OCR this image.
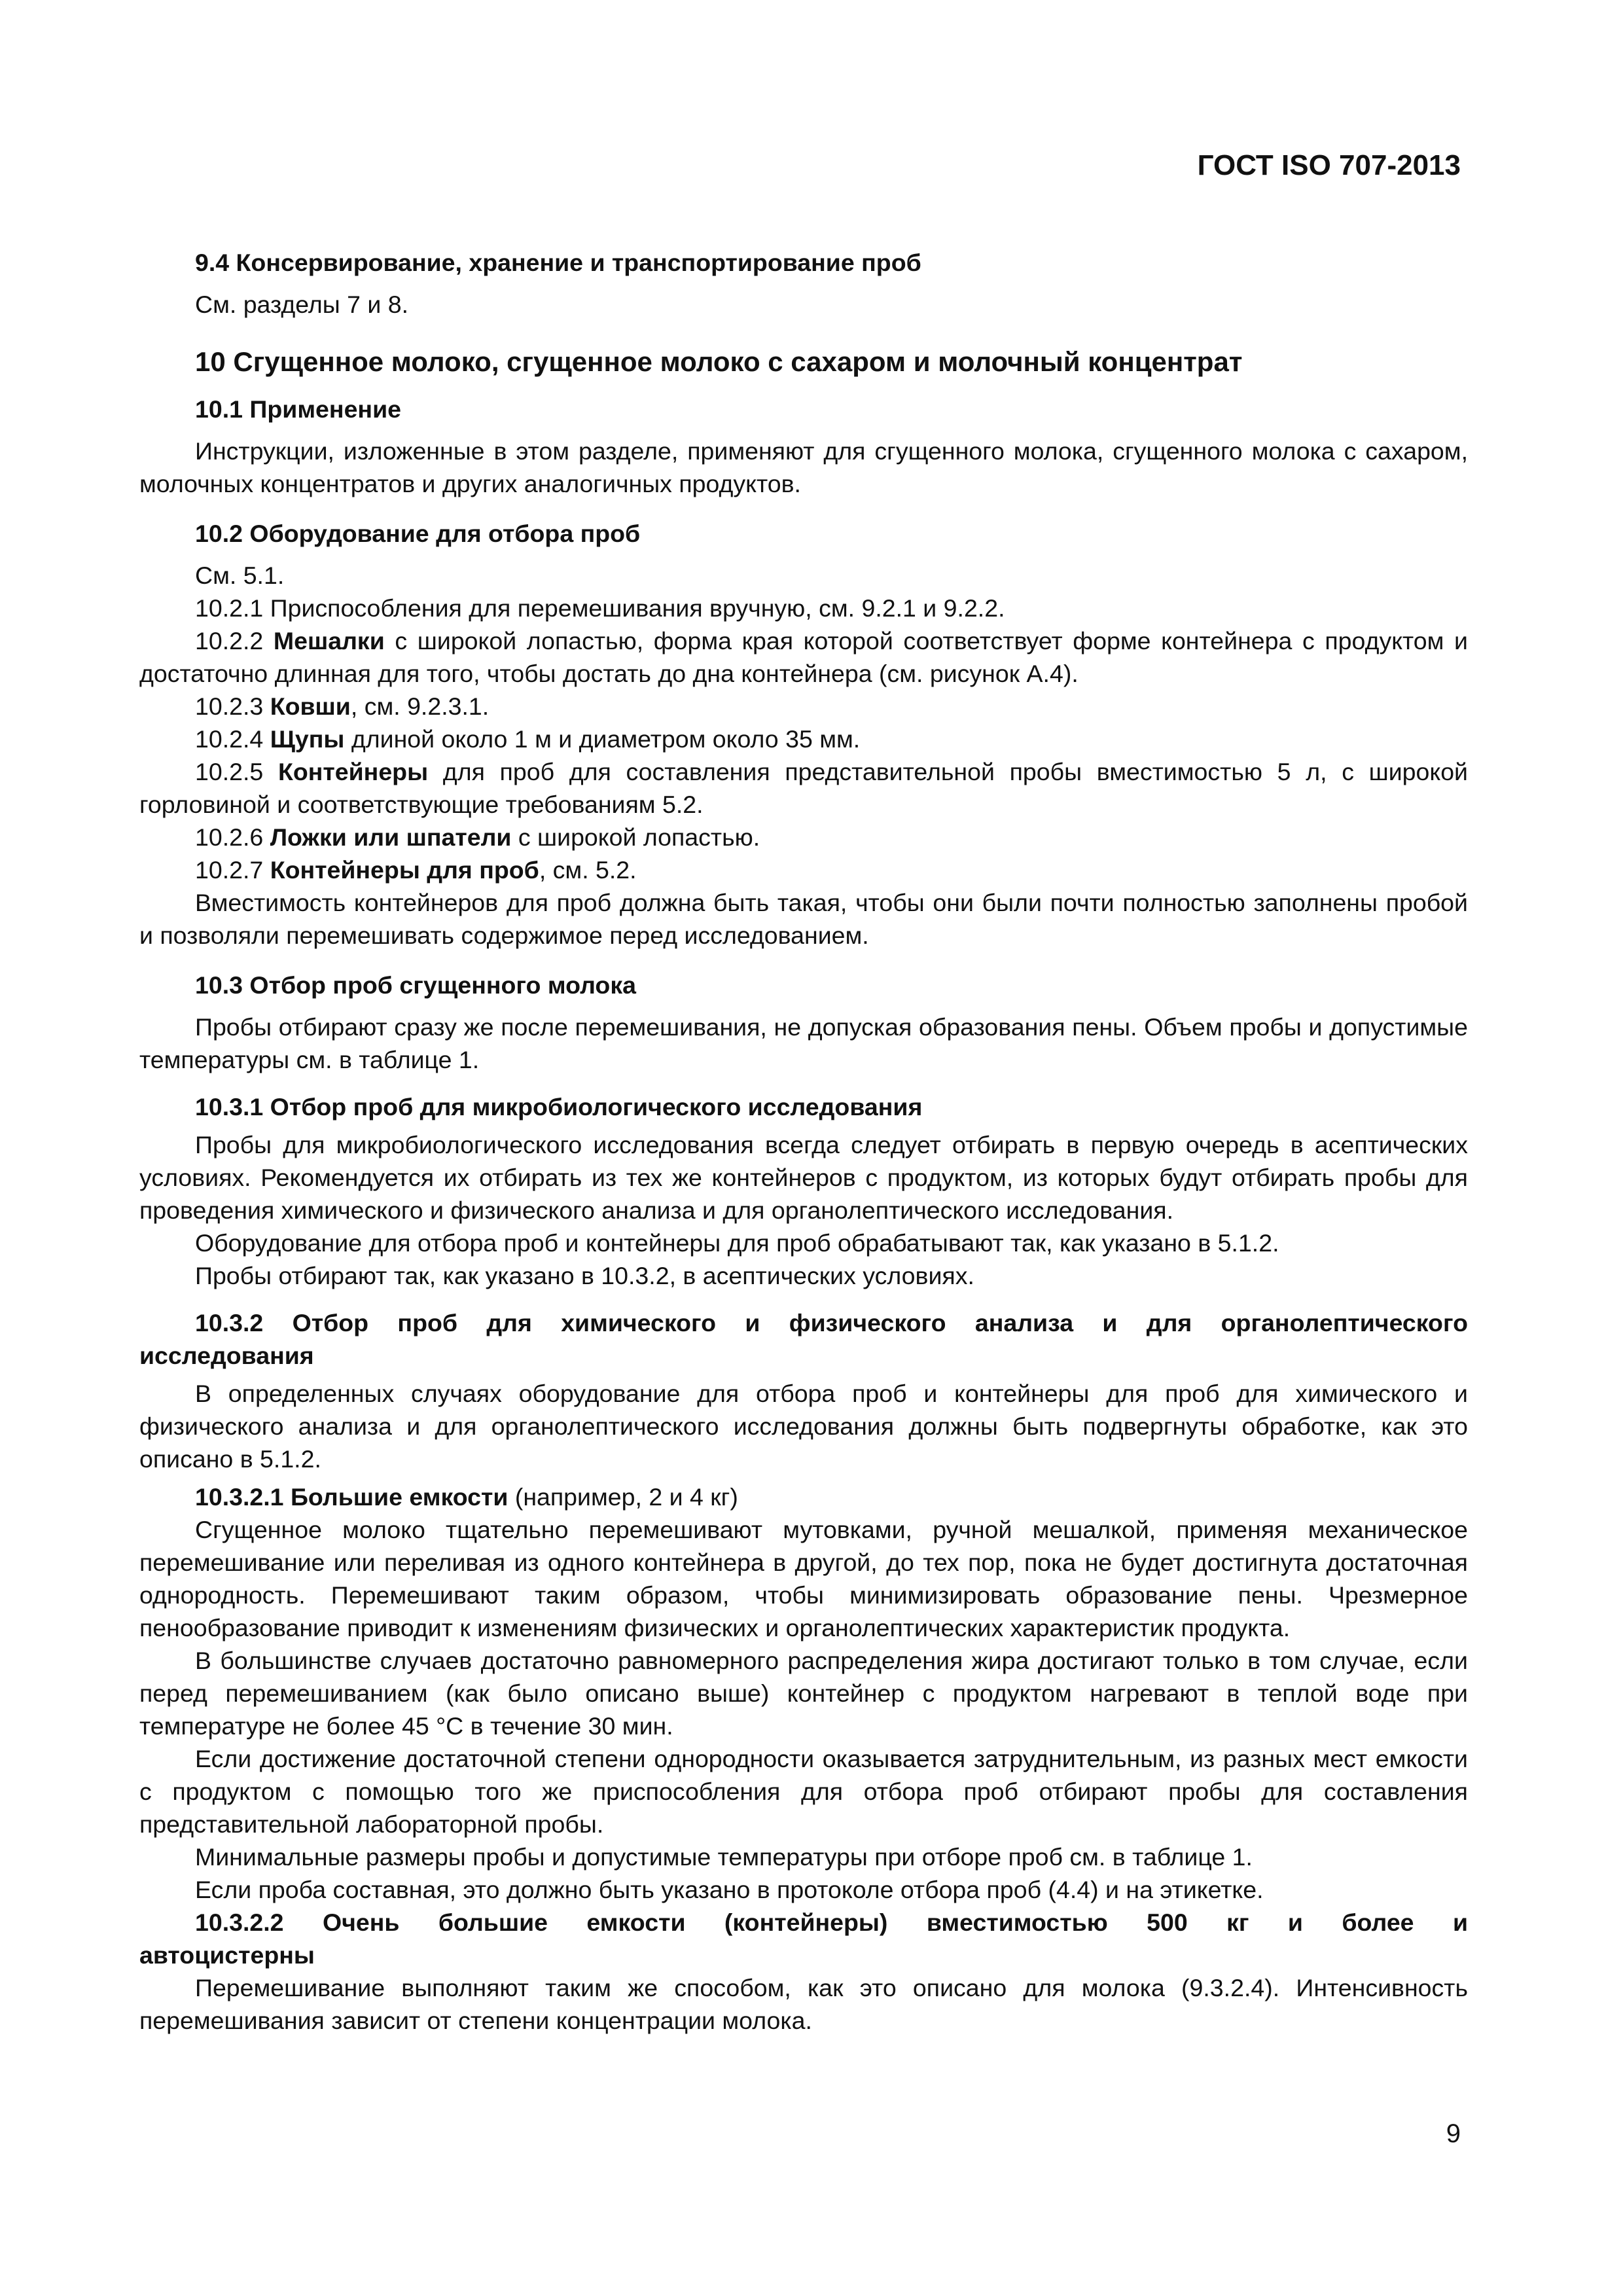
ГОСТ ISO 707-2013

9.4 Консервирование, хранение и транспортирование проб

См. разделы 7 и 8.

10 Сгущенное молоко, сгущенное молоко с сахаром и молочный концентрат

10.1 Применение

Инструкции, изложенные в этом разделе, применяют для сгущенного молока, сгущенного молока с сахаром, молочных концентратов и других аналогичных продуктов.

10.2 Оборудование для отбора проб

См. 5.1.

10.2.1 Приспособления для перемешивания вручную, см. 9.2.1 и 9.2.2.

10.2.2 Мешалки с широкой лопастью, форма края которой соответствует форме контейнера с продуктом и достаточно длинная для того, чтобы достать до дна контейнера (см. рисунок А.4).

10.2.3 Ковши, см. 9.2.3.1.

10.2.4 Щупы длиной около 1 м и диаметром около 35 мм.

10.2.5 Контейнеры для проб для составления представительной пробы вместимостью 5 л, с широкой горловиной и соответствующие требованиям 5.2.

10.2.6 Ложки или шпатели с широкой лопастью.

10.2.7 Контейнеры для проб, см. 5.2.

Вместимость контейнеров для проб должна быть такая, чтобы они были почти полностью заполнены пробой и позволяли перемешивать содержимое перед исследованием.

10.3 Отбор проб сгущенного молока

Пробы отбирают сразу же после перемешивания, не допуская образования пены. Объем пробы и допустимые температуры см. в таблице 1.

10.3.1 Отбор проб для микробиологического исследования

Пробы для микробиологического исследования всегда следует отбирать в первую очередь в асептических условиях. Рекомендуется их отбирать из тех же контейнеров с продуктом, из которых будут отбирать пробы для проведения химического и физического анализа и для органолептического исследования.

Оборудование для отбора проб и контейнеры для проб обрабатывают так, как указано в 5.1.2.

Пробы отбирают так, как указано в 10.3.2, в асептических условиях.

10.3.2 Отбор проб для химического и физического анализа и для органолептического

исследования

В определенных случаях оборудование для отбора проб и контейнеры для проб для химического и физического анализа и для органолептического исследования должны быть подвергнуты обработке, как это описано в 5.1.2.

10.3.2.1 Большие емкости (например, 2 и 4 кг)

Сгущенное молоко тщательно перемешивают мутовками, ручной мешалкой, применяя механическое перемешивание или переливая из одного контейнера в другой, до тех пор, пока не будет достигнута достаточная однородность. Перемешивают таким образом, чтобы минимизировать образование пены. Чрезмерное пенообразование приводит к изменениям физических и органолептических характеристик продукта.

В большинстве случаев достаточно равномерного распределения жира достигают только в том случае, если перед перемешиванием (как было описано выше) контейнер с продуктом нагревают в теплой воде при температуре не более 45 °С в течение 30 мин.

Если достижение достаточной степени однородности оказывается затруднительным, из разных мест емкости с продуктом с помощью того же приспособления для отбора проб отбирают пробы для составления представительной лабораторной пробы.

Минимальные размеры пробы и допустимые температуры при отборе проб см. в таблице 1.

Если проба составная, это должно быть указано в протоколе отбора проб (4.4) и на этикетке.

10.3.2.2 Очень большие емкости (контейнеры) вместимостью 500 кг и более и

автоцистерны

Перемешивание выполняют таким же способом, как это описано для молока (9.3.2.4). Интенсивность перемешивания зависит от степени концентрации молока.

9
